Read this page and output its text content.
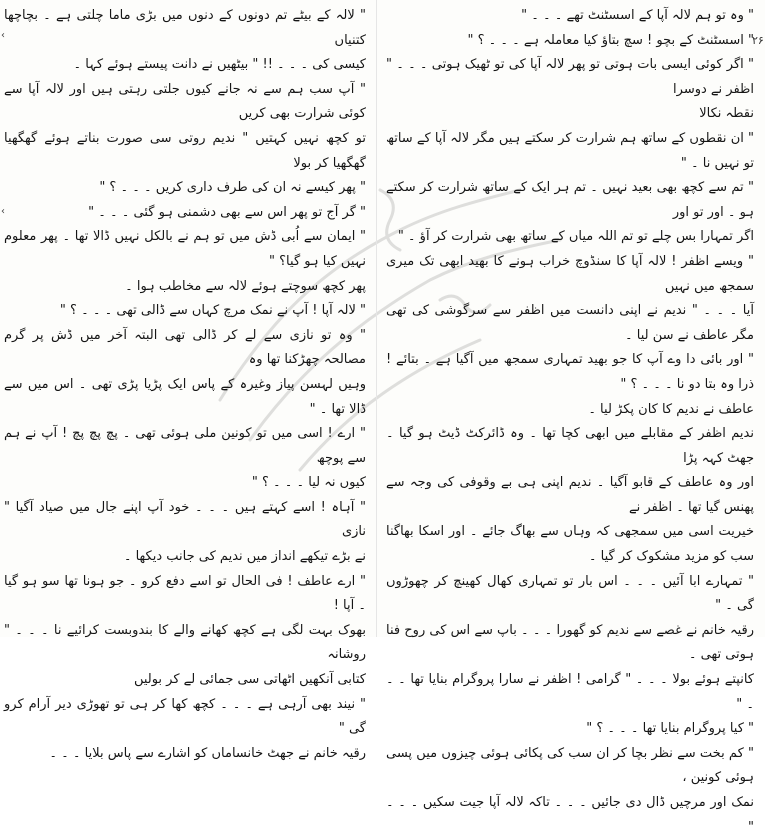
۲۶
‹
‹

" لالہ کے بیٹے تم دونوں کے دنوں میں بڑی ماما چلتی ہے ۔ بچاچھا کتنیاں

کیسی کی ۔ ۔ ۔ !! " بیٹھیں نے دانت پیستے ہوئے کہا ۔

" آپ سب ہم سے نہ جانے کیوں جلتی رہتی ہیں اور لالہ آپا سے کوئی شرارت بھی کریں

تو کچھ نہیں کہتیں " ندیم روتی سی صورت بناتے ہوئے گھگھیا گھگھیا کر بولا

" پھر کیسے نہ ان کی طرف داری کریں ۔ ۔ ۔ ؟ "

" گر آج تو پھر اس سے بھی دشمنی ہو گئی ۔ ۔ ۔ "

" ایمان سے اُبی ڈش میں تو ہم نے بالکل نہیں ڈالا تھا ۔ پھر معلوم نہیں کیا ہو گیا؟ "

پھر کچھ سوچتے ہوئے لالہ سے مخاطب ہوا ۔

" لالہ آپا ! آپ نے نمک مرچ کہاں سے ڈالی تھی ۔ ۔ ۔ ؟ "

" وہ تو نازی سے لے کر ڈالی تھی البتہ آخر میں ڈش پر گرم مصالحہ چھڑکنا تھا وہ

وہیں لہسن پیاز وغیرہ کے پاس ایک پڑیا پڑی تھی ۔ اس میں سے ڈالا تھا ۔ "

" ارے ! اسی میں تو کونین ملی ہوئی تھی ۔ پچ پچ پچ ! آپ نے ہم سے پوچھ

کیوں نہ لیا ۔ ۔ ۔ ؟ "

" آہاہ ! اسے کہتے ہیں ۔ ۔ ۔ خود آپ اپنے جال میں صیاد آگیا " نازی

نے بڑے تیکھے انداز میں ندیم کی جانب دیکھا ۔

" ارے عاطف ! فی الحال تو اسے دفع کرو ۔ جو ہونا تھا سو ہو گیا ۔ آپا !

بھوک بہت لگی ہے کچھ کھانے والے کا بندوبست کرائیے نا ۔ ۔ ۔ " روشانہ

کتابی آنکھیں اٹھاتی سی جمائی لے کر بولیں

" نیند بھی آرہی ہے ۔ ۔ ۔ کچھ کھا کر ہی تو تھوڑی دیر آرام کرو گی "

رقیہ خانم نے جھٹ خانساماں کو اشارے سے پاس بلایا ۔ ۔ ۔

" وہ تو ہم لالہ آپا کے اسسٹنٹ تھے ۔ ۔ ۔ "

" اسسٹنٹ کے بچو ! سچ بتاؤ کیا معاملہ ہے ۔ ۔ ۔ ؟ "

" اگر کوئی ایسی بات ہوتی تو پھر لالہ آپا کی تو ٹھیک ہوتی ۔ ۔ ۔ " اظفر نے دوسرا

نقطہ نکالا

" ان نقطوں کے ساتھ ہم شرارت کر سکتے ہیں مگر لالہ آپا کے ساتھ تو نہیں نا ۔ "

" تم سے کچھ بھی بعید نہیں ۔ تم ہر ایک کے ساتھ شرارت کر سکتے ہو ۔ اور تو اور

اگر تمہارا بس چلے تو تم اللہ میاں کے ساتھ بھی شرارت کر آؤ ۔ "

" ویسے اظفر ! لالہ آپا کا سنڈوچ خراب ہونے کا بھید ابھی تک میری سمجھ میں نہیں

آیا ۔ ۔ ۔ " ندیم نے اپنی دانست میں اظفر سے سرگوشی کی تھی مگر عاطف نے سن لیا ۔

" اور بائی دا وے آپ کا جو بھید تمہاری سمجھ میں آگیا ہے ۔ بتائے ! ذرا وہ بتا دو نا ۔ ۔ ۔ ؟ "

عاطف نے ندیم کا کان پکڑ لیا ۔

ندیم اظفر کے مقابلے میں ابھی کچا تھا ۔ وہ ڈائرکٹ ڈیٹ ہو گیا ۔ جھٹ کہہ پڑا

اور وہ عاطف کے قابو آگیا ۔ ندیم اپنی ہی بے وقوفی کی وجہ سے پھنس گیا تھا ۔ اظفر نے

خیریت اسی میں سمجھی کہ وہاں سے بھاگ جائے ۔ اور اسکا بھاگنا سب کو مزید مشکوک کر گیا ۔

" تمہارے ابا آئیں ۔ ۔ ۔ اس بار تو تمہاری کھال کھینچ کر چھوڑوں گی ۔ "

رقیہ خانم نے غصے سے ندیم کو گھورا ۔ ۔ ۔ باپ سے اس کی روح فنا ہوتی تھی ۔

کانپتے ہوئے بولا ۔ ۔ ۔ " گرامی ! اظفر نے سارا پروگرام بنایا تھا ۔ ۔ ۔ "

" کیا پروگرام بنایا تھا ۔ ۔ ۔ ؟ "

" کم بخت سے نظر بچا کر ان سب کی پکائی ہوئی چیزوں میں پسی ہوئی کونین ،

نمک اور مرچیں ڈال دی جائیں ۔ ۔ ۔ تاکہ لالہ آپا جیت سکیں ۔ ۔ ۔ "
